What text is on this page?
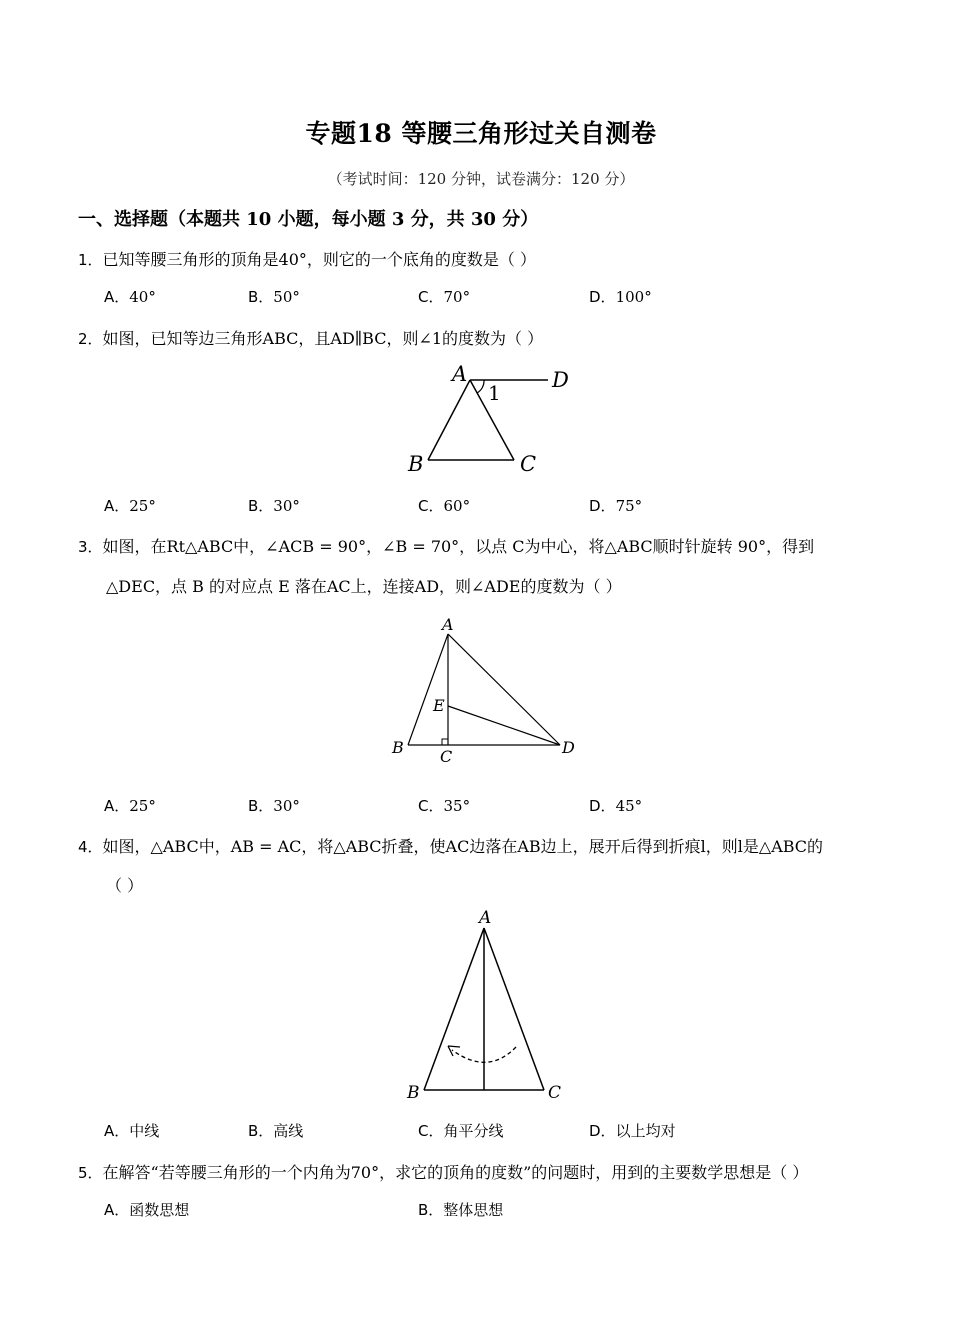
专题18 等腰三角形过关自测卷
（考试时间：120 分钟，试卷满分：120 分）
一、选择题（本题共 10 小题，每小题 3 分，共 30 分）
1．已知等腰三角形的顶角是40°，则它的一个底角的度数是（ ）
A．40°	B．50°	C．70°	D．100°
2．如图，已知等边三角形ABC，且AD∥BC，则∠1的度数为（ ）
A	D
1
B	C
A．25°	B．30°	C．60°	D．75°
3．如图，在Rt△ABC中，∠ACB = 90°，∠B = 70°，以点 C为中心，将△ABC顺时针旋转 90°，得到
△DEC，点 B 的对应点 E 落在AC上，连接AD，则∠ADE的度数为（ ）
A
E
B C	D
A．25°	B．30°	C．35°	D．45°
4．如图，△ABC中，AB = AC，将△ABC折叠，使AC边落在AB边上，展开后得到折痕l，则l是△ABC的
（ ）
A
B	C
A．中线	B．高线	C．角平分线	D．以上均对
5．在解答“若等腰三角形的一个内角为70°，求它的顶角的度数”的问题时，用到的主要数学思想是（ ）
A．函数思想	B．整体思想
